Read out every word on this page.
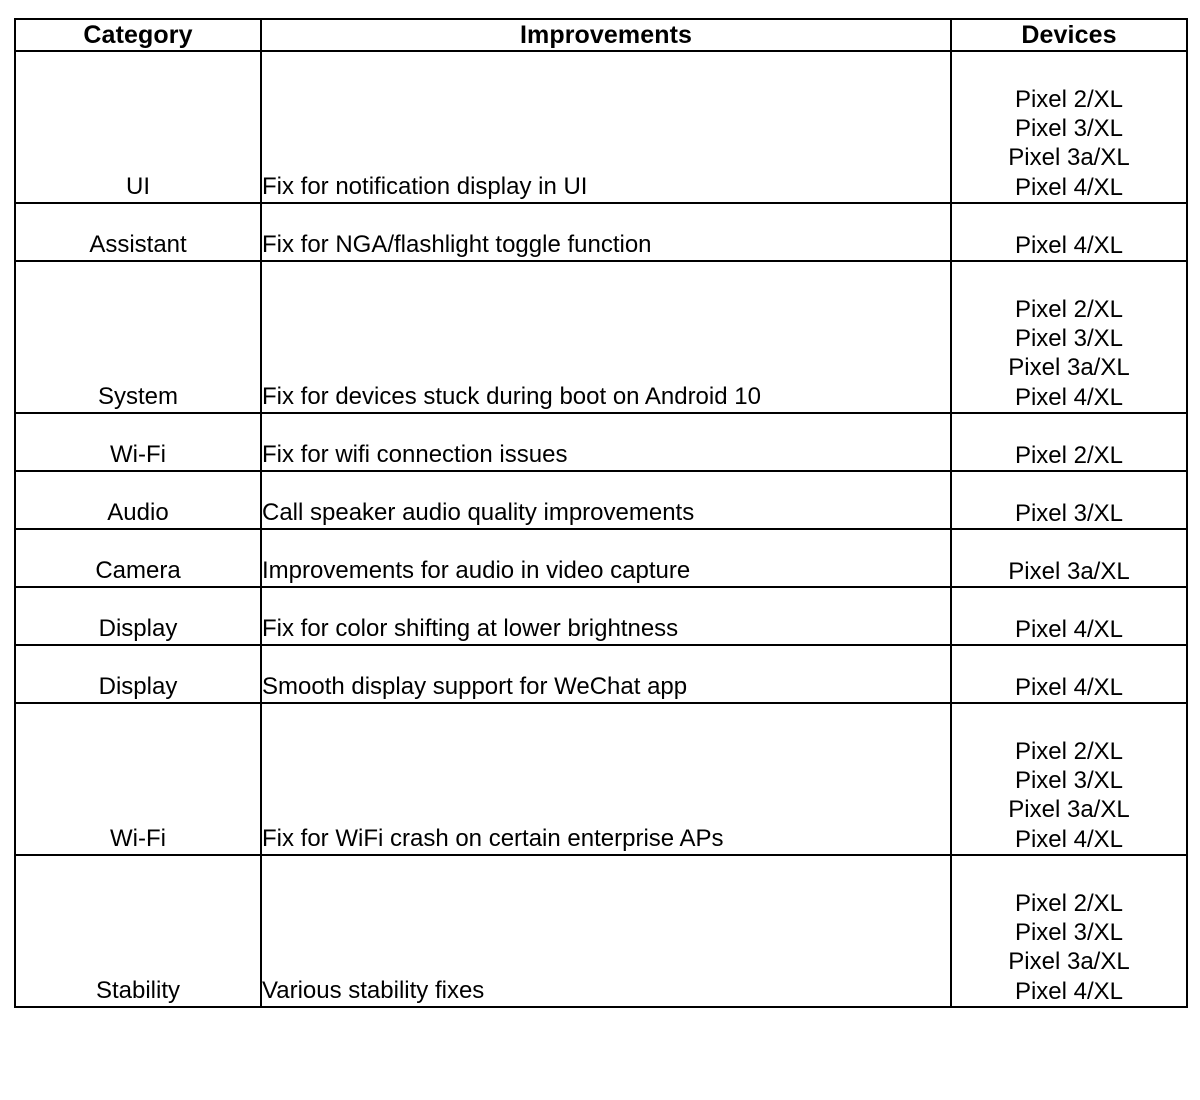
Category	Improvements	Devices
UI	Fix for notification display in UI	Pixel 2/XL
Pixel 3/XL
Pixel 3a/XL
Pixel 4/XL

Assistant	Fix for NGA/flashlight toggle function	Pixel 4/XL

System	Fix for devices stuck during boot on Android 10	Pixel 2/XL
Pixel 3/XL
Pixel 3a/XL
Pixel 4/XL

Wi-Fi	Fix for wifi connection issues	Pixel 2/XL

Audio	Call speaker audio quality improvements	Pixel 3/XL

Camera	Improvements for audio in video capture	Pixel 3a/XL

Display	Fix for color shifting at lower brightness	Pixel 4/XL

Display	Smooth display support for WeChat app	Pixel 4/XL

Wi-Fi	Fix for WiFi crash on certain enterprise APs	Pixel 2/XL
Pixel 3/XL
Pixel 3a/XL
Pixel 4/XL

Stability	Various stability fixes	Pixel 2/XL
Pixel 3/XL
Pixel 3a/XL
Pixel 4/XL
